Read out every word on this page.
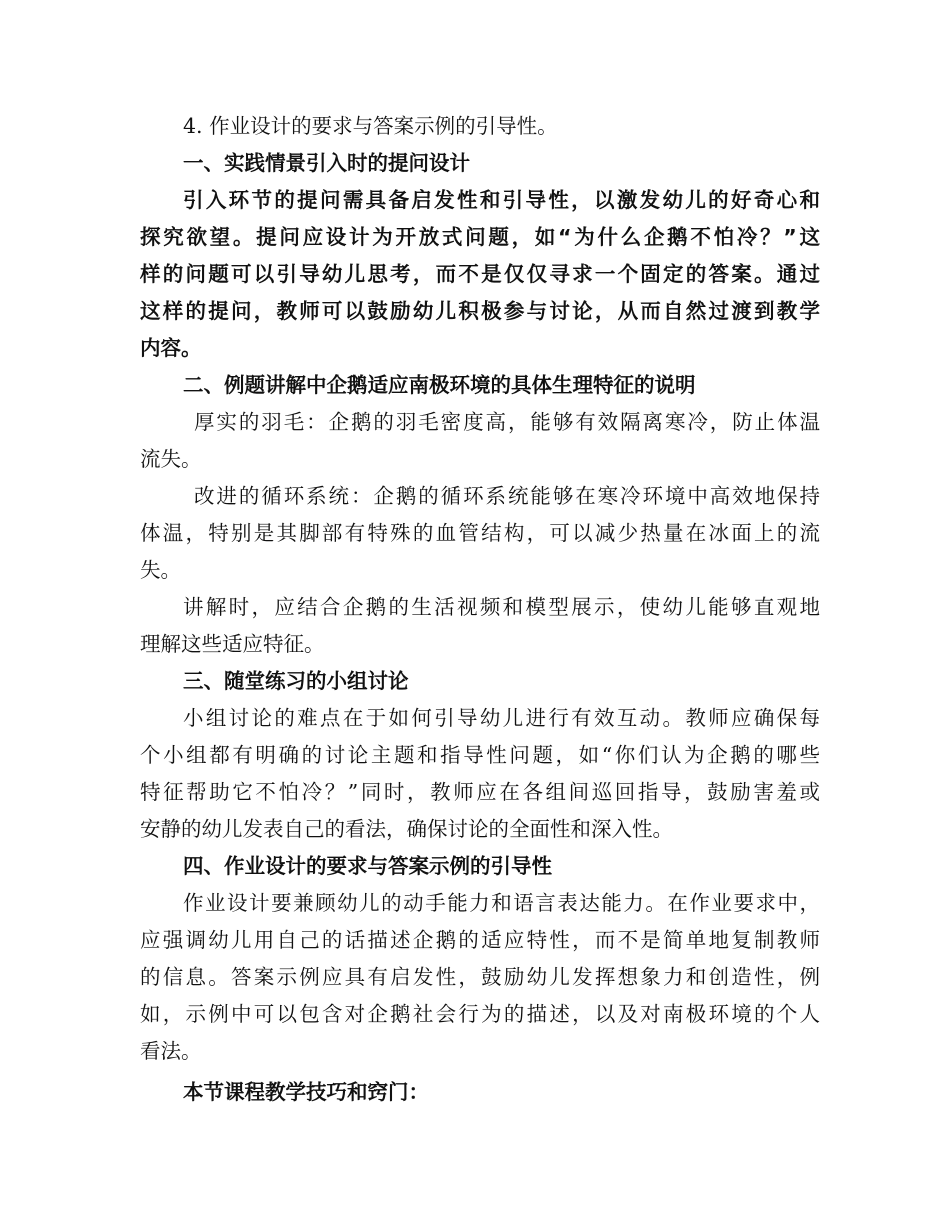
4. 作业设计的要求与答案示例的引导性。
一、实践情景引入时的提问设计
引入环节的提问需具备启发性和引导性，以激发幼儿的好奇心和
探究欲望。提问应设计为开放式问题，如“为什么企鹅不怕冷？”这
样的问题可以引导幼儿思考，而不是仅仅寻求一个固定的答案。通过
这样的提问，教师可以鼓励幼儿积极参与讨论，从而自然过渡到教学
内容。
二、例题讲解中企鹅适应南极环境的具体生理特征的说明
厚实的羽毛：企鹅的羽毛密度高，能够有效隔离寒冷，防止体温
流失。
改进的循环系统：企鹅的循环系统能够在寒冷环境中高效地保持
体温，特别是其脚部有特殊的血管结构，可以减少热量在冰面上的流
失。
讲解时，应结合企鹅的生活视频和模型展示，使幼儿能够直观地
理解这些适应特征。
三、随堂练习的小组讨论
小组讨论的难点在于如何引导幼儿进行有效互动。教师应确保每
个小组都有明确的讨论主题和指导性问题，如“你们认为企鹅的哪些
特征帮助它不怕冷？”同时，教师应在各组间巡回指导，鼓励害羞或
安静的幼儿发表自己的看法，确保讨论的全面性和深入性。
四、作业设计的要求与答案示例的引导性
作业设计要兼顾幼儿的动手能力和语言表达能力。在作业要求中，
应强调幼儿用自己的话描述企鹅的适应特性，而不是简单地复制教师
的信息。答案示例应具有启发性，鼓励幼儿发挥想象力和创造性，例
如，示例中可以包含对企鹅社会行为的描述，以及对南极环境的个人
看法。
本节课程教学技巧和窍门：
